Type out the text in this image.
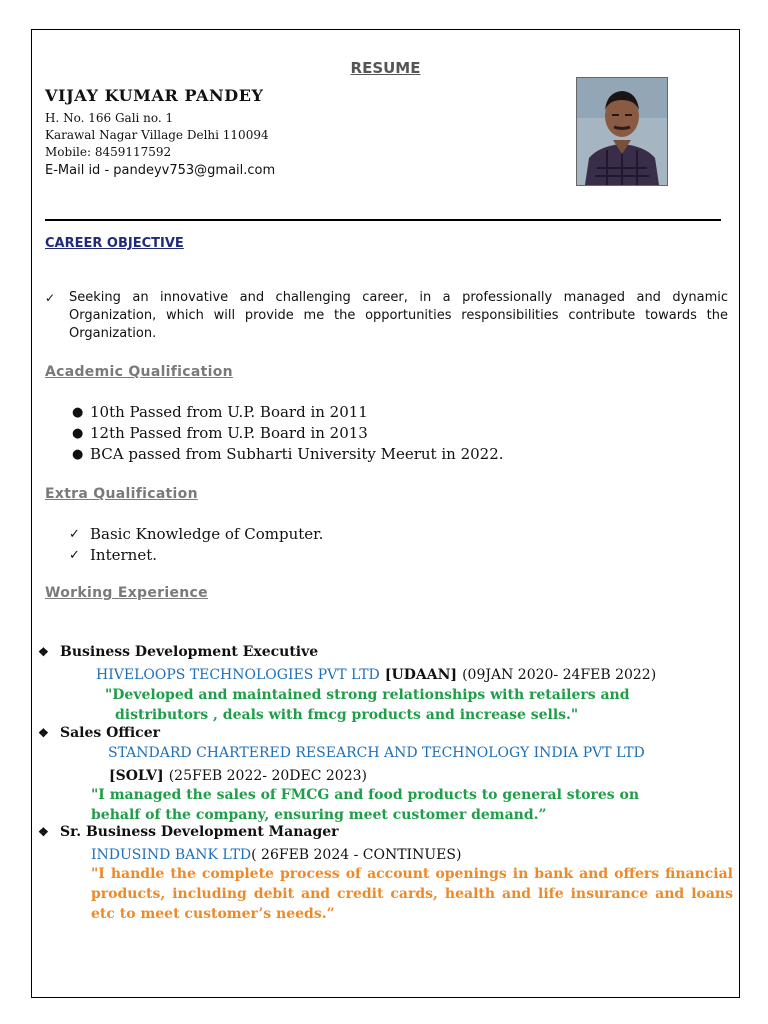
RESUME
VIJAY KUMAR PANDEY
H. No. 166 Gali no. 1
Karawal Nagar Village Delhi 110094
Mobile: 8459117592
E-Mail id - pandeyv753@gmail.com
CAREER OBJECTIVE
✓ Seeking an innovative and challenging career, in a professionally managed and dynamic Organization, which will provide me the opportunities responsibilities contribute towards the Organization.

Academic Qualification
● 10th Passed from U.P. Board in 2011
● 12th Passed from U.P. Board in 2013
● BCA passed from Subharti University Meerut in 2022.
Extra Qualification
✓ Basic Knowledge of Computer.
✓ Internet.
Working Experience
❖ Business Development Executive
HIVELOOPS TECHNOLOGIES PVT LTD [UDAAN] (09JAN 2020- 24FEB 2022)
"Developed and maintained strong relationships with retailers and
distributors , deals with fmcg products and increase sells."
❖ Sales Officer
STANDARD CHARTERED RESEARCH AND TECHNOLOGY INDIA PVT LTD
[SOLV] (25FEB 2022- 20DEC 2023)
"I managed the sales of FMCG and food products to general stores on
behalf of the company, ensuring meet customer demand.”
❖ Sr. Business Development Manager
INDUSIND BANK LTD( 26FEB 2024 - CONTINUES)
"I handle the complete process of account openings in bank and offers financial products, including debit and credit cards, health and life insurance and loans etc to meet customer’s needs.”
